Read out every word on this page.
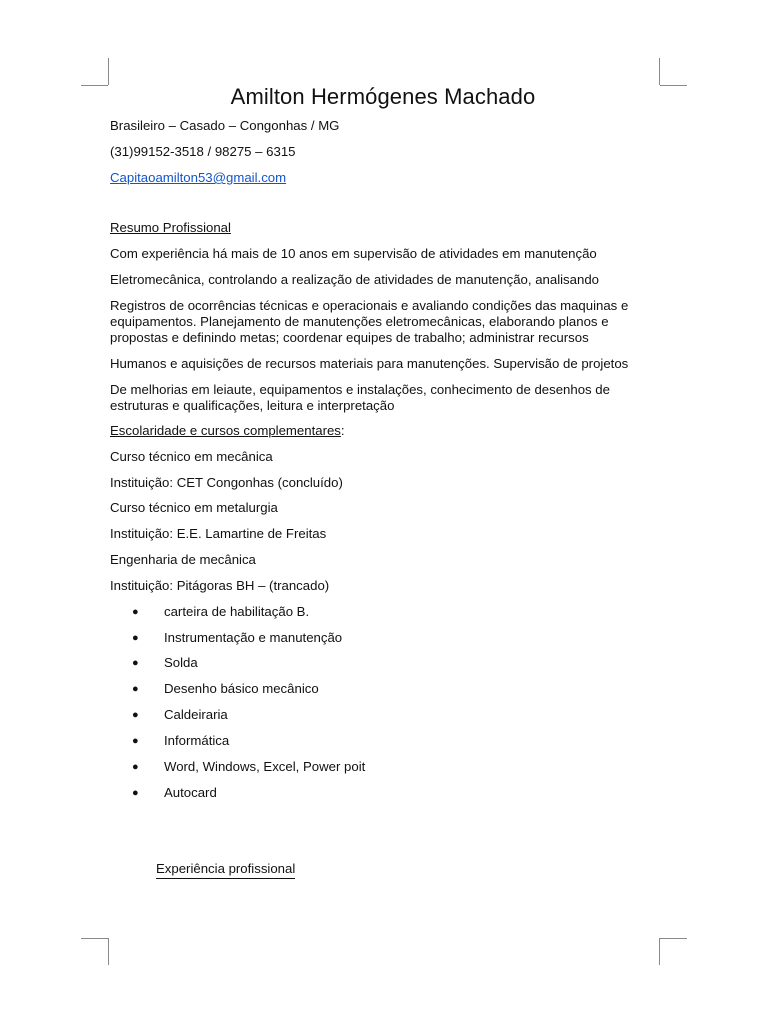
Amilton Hermógenes Machado

Brasileiro – Casado – Congonhas / MG

(31)99152-3518 / 98275 – 6315

Capitaoamilton53@gmail.com

Resumo Profissional

Com experiência há mais de 10 anos em supervisão de atividades em manutenção

Eletromecânica, controlando a realização de atividades de manutenção, analisando

Registros de ocorrências técnicas e operacionais e avaliando condições das maquinas e equipamentos. Planejamento de manutenções eletromecânicas, elaborando planos e propostas e definindo metas; coordenar equipes de trabalho; administrar recursos

Humanos e aquisições de recursos materiais para manutenções. Supervisão de projetos

De melhorias em leiaute, equipamentos e instalações, conhecimento de desenhos de estruturas e qualificações, leitura e interpretação

Escolaridade e cursos complementares:

Curso técnico em mecânica

Instituição: CET Congonhas (concluído)

Curso técnico em metalurgia

Instituição: E.E. Lamartine de Freitas

Engenharia de mecânica

Instituição: Pitágoras BH – (trancado)

● carteira de habilitação B.
● Instrumentação e manutenção
● Solda
● Desenho básico mecânico
● Caldeiraria
● Informática
● Word, Windows, Excel, Power poit
● Autocard
Experiência profissional
